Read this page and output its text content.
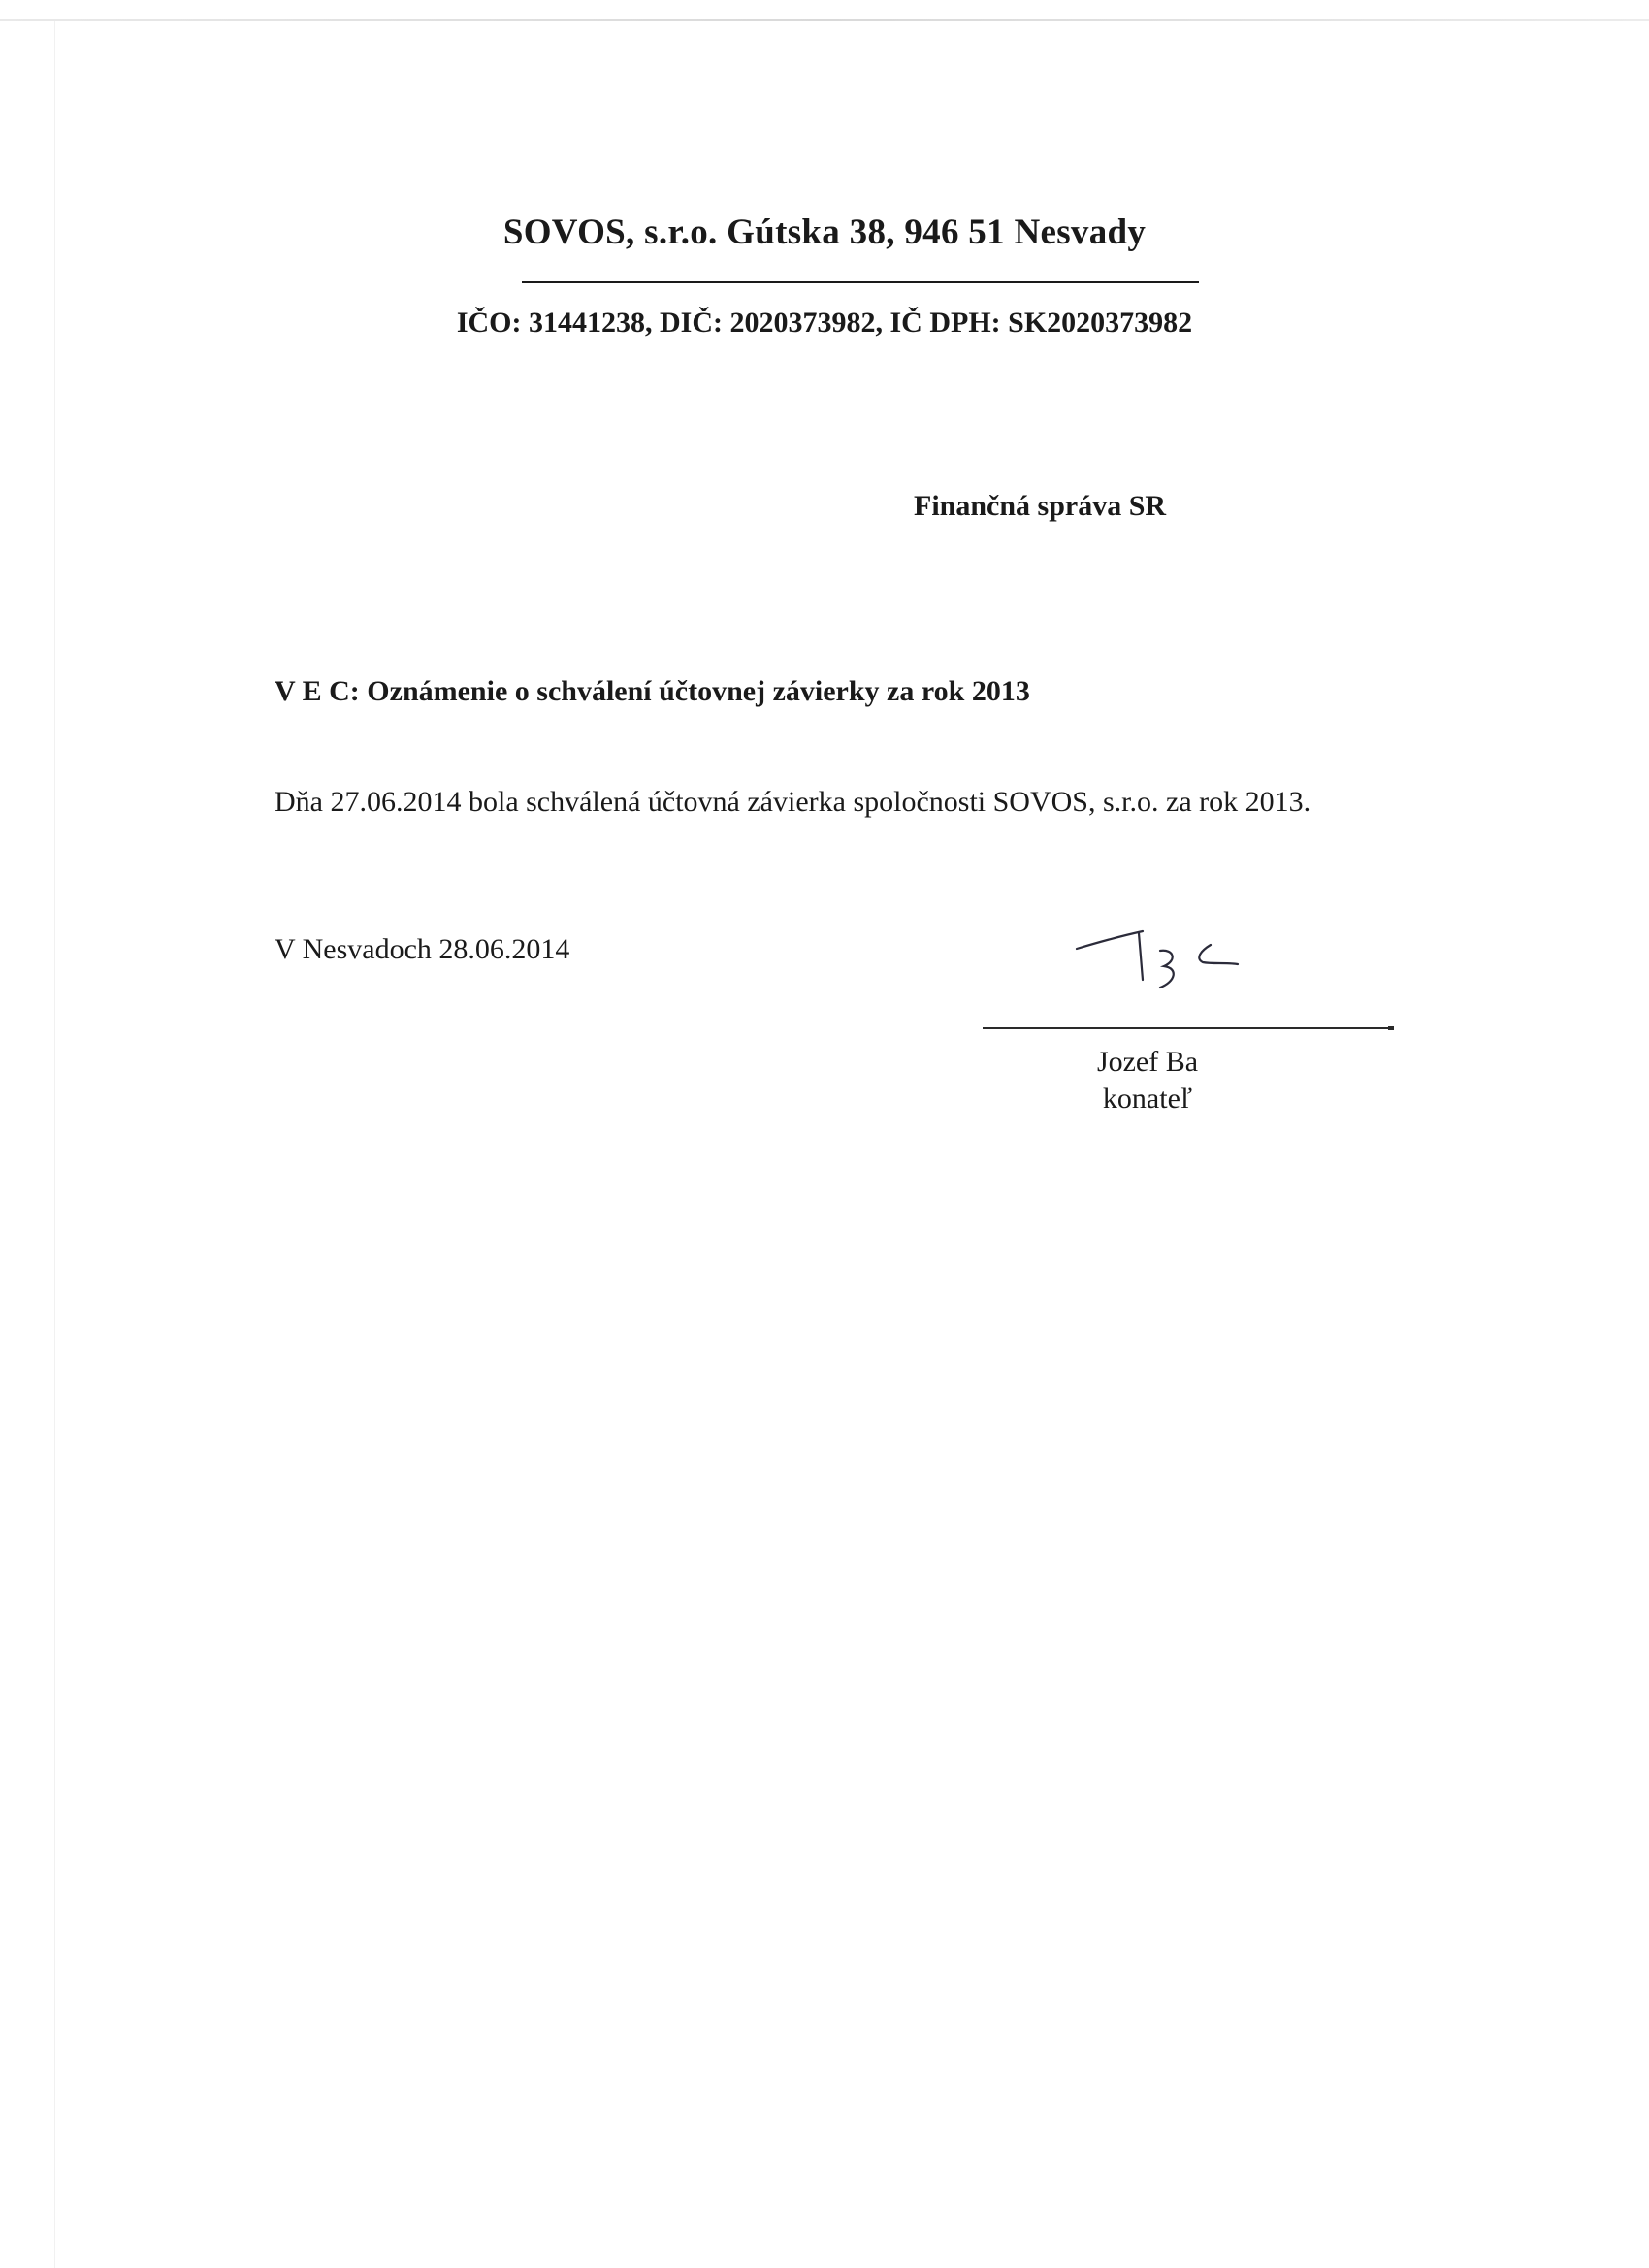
SOVOS, s.r.o. Gútska 38, 946 51 Nesvady
IČO: 31441238, DIČ: 2020373982, IČ DPH: SK2020373982
Finančná správa SR
V E C: Oznámenie o schválení účtovnej závierky za rok 2013
Dňa 27.06.2014 bola schválená účtovná závierka spoločnosti SOVOS, s.r.o. za rok 2013.
V Nesvadoch 28.06.2014
Jozef Ba
konateľ
